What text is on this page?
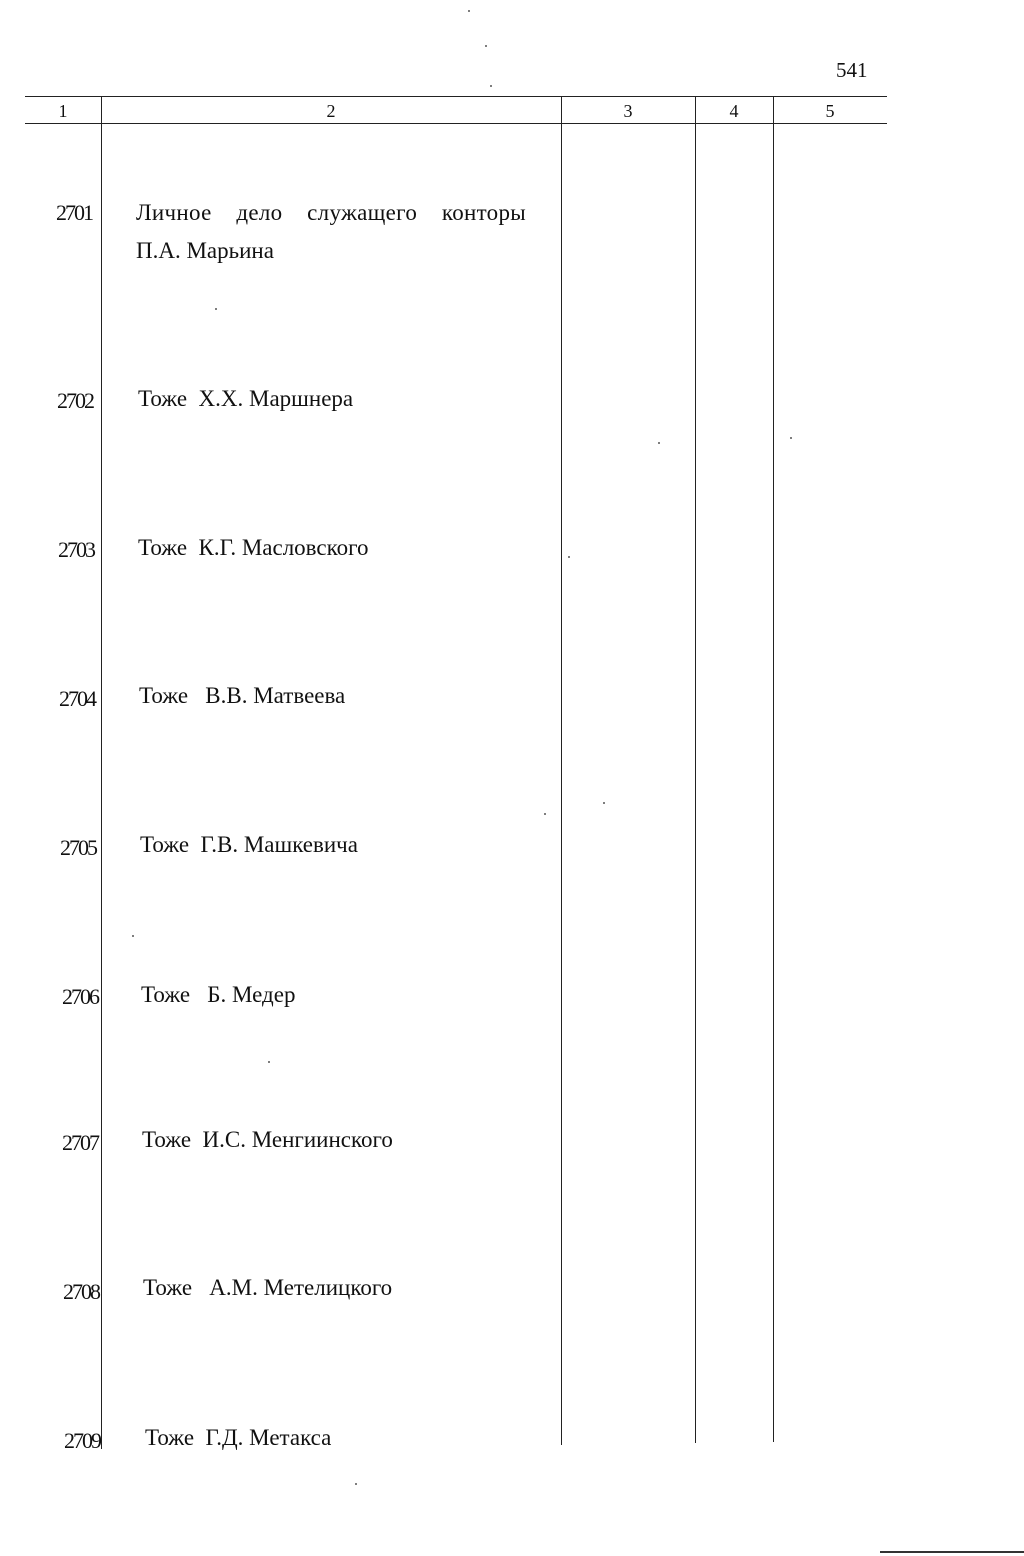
541
1	2	3	4	5
2701 Личное дело служащего конторы
П.А. Марьина
2702 Тоже  Х.Х. Маршнера
2703 Тоже  К.Г. Масловского
2704 Тоже   В.В. Матвеева
2705 Тоже  Г.В. Машкевича
2706 Тоже   Б. Медер
2707 Тоже  И.С. Менгиинского
2708 Тоже   А.М. Метелицкого
2709 Тоже  Г.Д. Метакса
